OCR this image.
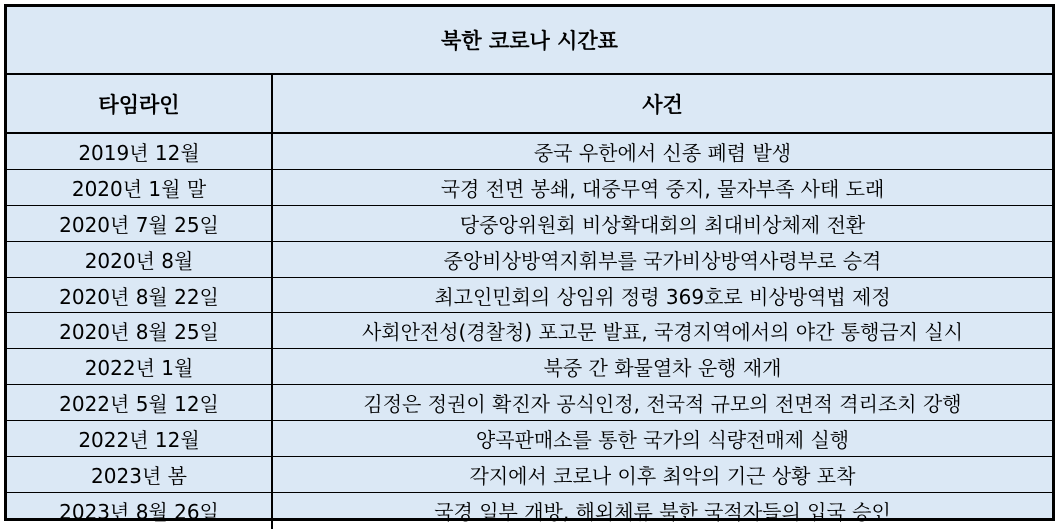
북한 코로나 시간표
타임라인	사건
2019년 12월	중국 우한에서 신종 폐렴 발생
2020년 1월 말	국경 전면 봉쇄, 대중무역 중지, 물자부족 사태 도래
2020년 7월 25일	당중앙위원회 비상확대회의 최대비상체제 전환
2020년 8월	중앙비상방역지휘부를 국가비상방역사령부로 승격
2020년 8월 22일	최고인민회의 상임위 정령 369호로 비상방역법 제정
2020년 8월 25일	사회안전성(경찰청) 포고문 발표, 국경지역에서의 야간 통행금지 실시
2022년 1월	북중 간 화물열차 운행 재개
2022년 5월 12일	김정은 정권이 확진자 공식인정, 전국적 규모의 전면적 격리조치 강행
2022년 12월	양곡판매소를 통한 국가의 식량전매제 실행
2023년 봄	각지에서 코로나 이후 최악의 기근 상황 포착
2023년 8월 26일	국경 일부 개방, 해외체류 북한 국적자들의 입국 승인
